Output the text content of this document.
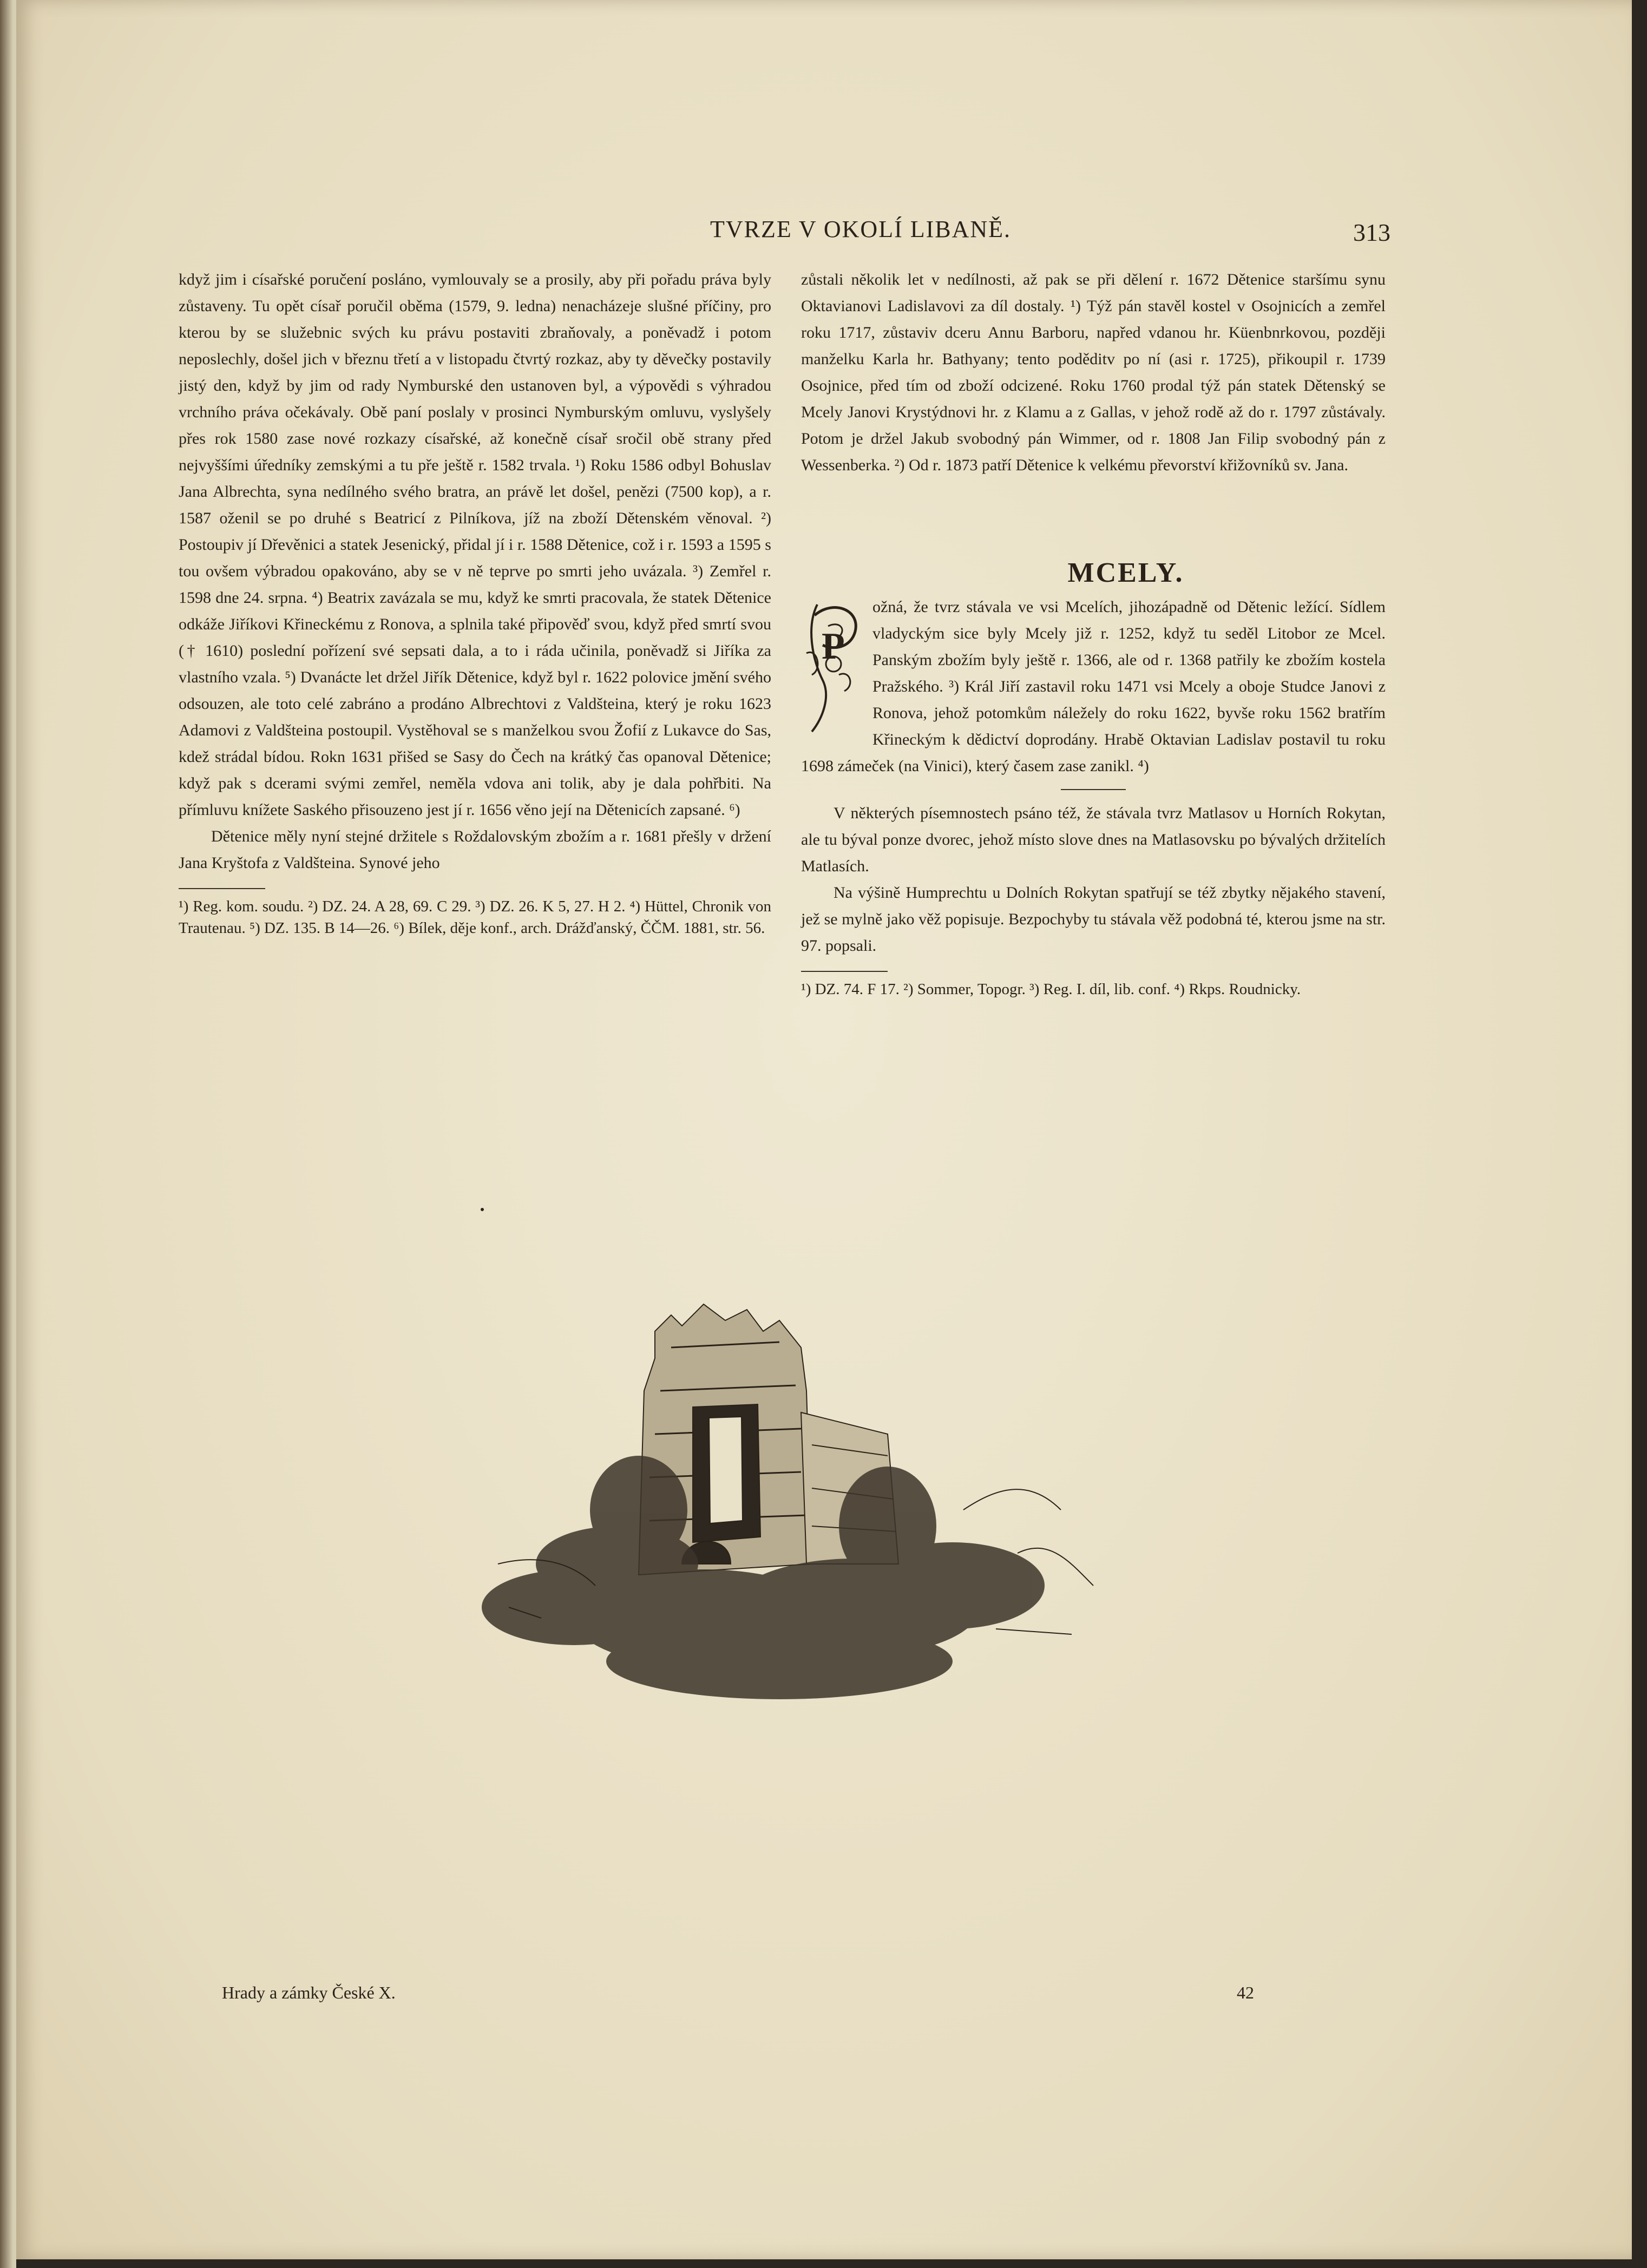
TVRZE V OKOLÍ LIBANĚ.	313

když jim i císařské poručení posláno, vymlouvaly se a prosily, aby při pořadu práva byly zůstaveny. Tu opět císař poručil oběma (1579, 9. ledna) nenacházeje slušné příčiny, pro kterou by se služebnic svých ku právu postaviti zbraňovaly, a poněvadž i potom neposlechly, došel jich v březnu třetí a v listopadu čtvrtý rozkaz, aby ty děvečky postavily jistý den, když by jim od rady Nymburské den ustanoven byl, a výpovědi s výhradou vrchního práva očekávaly. Obě paní poslaly v prosinci Nymburským omluvu, vyslyšely přes rok 1580 zase nové rozkazy císařské, až konečně císař sročil obě strany před nejvyššími úředníky zemskými a tu pře ještě r. 1582 trvala. ¹) Roku 1586 odbyl Bohuslav Jana Albrechta, syna nedílného svého bratra, an právě let došel, penězi (7500 kop), a r. 1587 oženil se po druhé s Beatricí z Pilníkova, jíž na zboží Dětenském věnoval. ²) Postoupiv jí Dřevěnici a statek Jesenický, přidal jí i r. 1588 Dětenice, což i r. 1593 a 1595 s tou ovšem výbradou opakováno, aby se v ně teprve po smrti jeho uvázala. ³) Zemřel r. 1598 dne 24. srpna. ⁴) Beatrix zavázala se mu, když ke smrti pracovala, že statek Dětenice odkáže Jiříkovi Křineckému z Ronova, a splnila také připověď svou, když před smrtí svou († 1610) poslední pořízení své sepsati dala, a to i ráda učinila, poněvadž si Jiříka za vlastního vzala. ⁵) Dvanácte let držel Jiřík Dětenice, když byl r. 1622 polovice jmění svého odsouzen, ale toto celé zabráno a prodáno Albrechtovi z Valdšteina, který je roku 1623 Adamovi z Valdšteina postoupil. Vystěhoval se s manželkou svou Žofií z Lukavce do Sas, kdež strádal bídou. Rokn 1631 přišed se Sasy do Čech na krátký čas opanoval Dětenice; když pak s dcerami svými zemřel, neměla vdova ani tolik, aby je dala pohřbiti. Na přímluvu knížete Saského přisouzeno jest jí r. 1656 věno její na Dětenicích zapsané. ⁶)

Dětenice měly nyní stejné držitele s Roždalovským zbožím a r. 1681 přešly v držení Jana Kryštofa z Valdšteina. Synové jeho

¹) Reg. kom. soudu. ²) DZ. 24. A 28, 69. C 29. ³) DZ. 26. K 5, 27. H 2. ⁴) Hüttel, Chronik von Trautenau. ⁵) DZ. 135. B 14—26. ⁶) Bílek, děje konf., arch. Drážďanský, ČČM. 1881, str. 56.

zůstali několik let v nedílnosti, až pak se při dělení r. 1672 Dětenice staršímu synu Oktavianovi Ladislavovi za díl dostaly. ¹) Týž pán stavěl kostel v Osojnicích a zemřel roku 1717, zůstaviv dceru Annu Barboru, napřed vdanou hr. Küenbnrkovou, později manželku Karla hr. Bathyany; tento poděditv po ní (asi r. 1725), přikoupil r. 1739 Osojnice, před tím od zboží odcizené. Roku 1760 prodal týž pán statek Dětenský se Mcely Janovi Krystýdnovi hr. z Klamu a z Gallas, v jehož rodě až do r. 1797 zůstávaly. Potom je držel Jakub svobodný pán Wimmer, od r. 1808 Jan Filip svobodný pán z Wessenberka. ²) Od r. 1873 patří Dětenice k velkému převorství křižovníků sv. Jana.

MCELY.
P

ožná, že tvrz stávala ve vsi Mcelích, jihozápadně od Dětenic ležící. Sídlem vladyckým sice byly Mcely již r. 1252, když tu seděl Litobor ze Mcel. Panským zbožím byly ještě r. 1366, ale od r. 1368 patřily ke zbožím kostela Pražského. ³) Král Jiří zastavil roku 1471 vsi Mcely a oboje Studce Janovi z Ronova, jehož potomkům náležely do roku 1622, byvše roku 1562 bratřím Křineckým k dědictví doprodány. Hrabě Oktavian Ladislav postavil tu roku 1698 zámeček (na Vinici), který časem zase zanikl. ⁴)

V některých písemnostech psáno též, že stávala tvrz Matlasov u Horních Rokytan, ale tu býval ponze dvorec, jehož místo slove dnes na Matlasovsku po bývalých držitelích Matlasích.

Na výšině Humprechtu u Dolních Rokytan spatřují se též zbytky nějakého stavení, jež se mylně jako věž popisuje. Bezpochyby tu stávala věž podobná té, kterou jsme na str. 97. popsali.

¹) DZ. 74. F 17. ²) Sommer, Topogr. ³) Reg. I. díl, lib. conf. ⁴) Rkps. Roudnicky.

Hrady a zámky České X.	42
